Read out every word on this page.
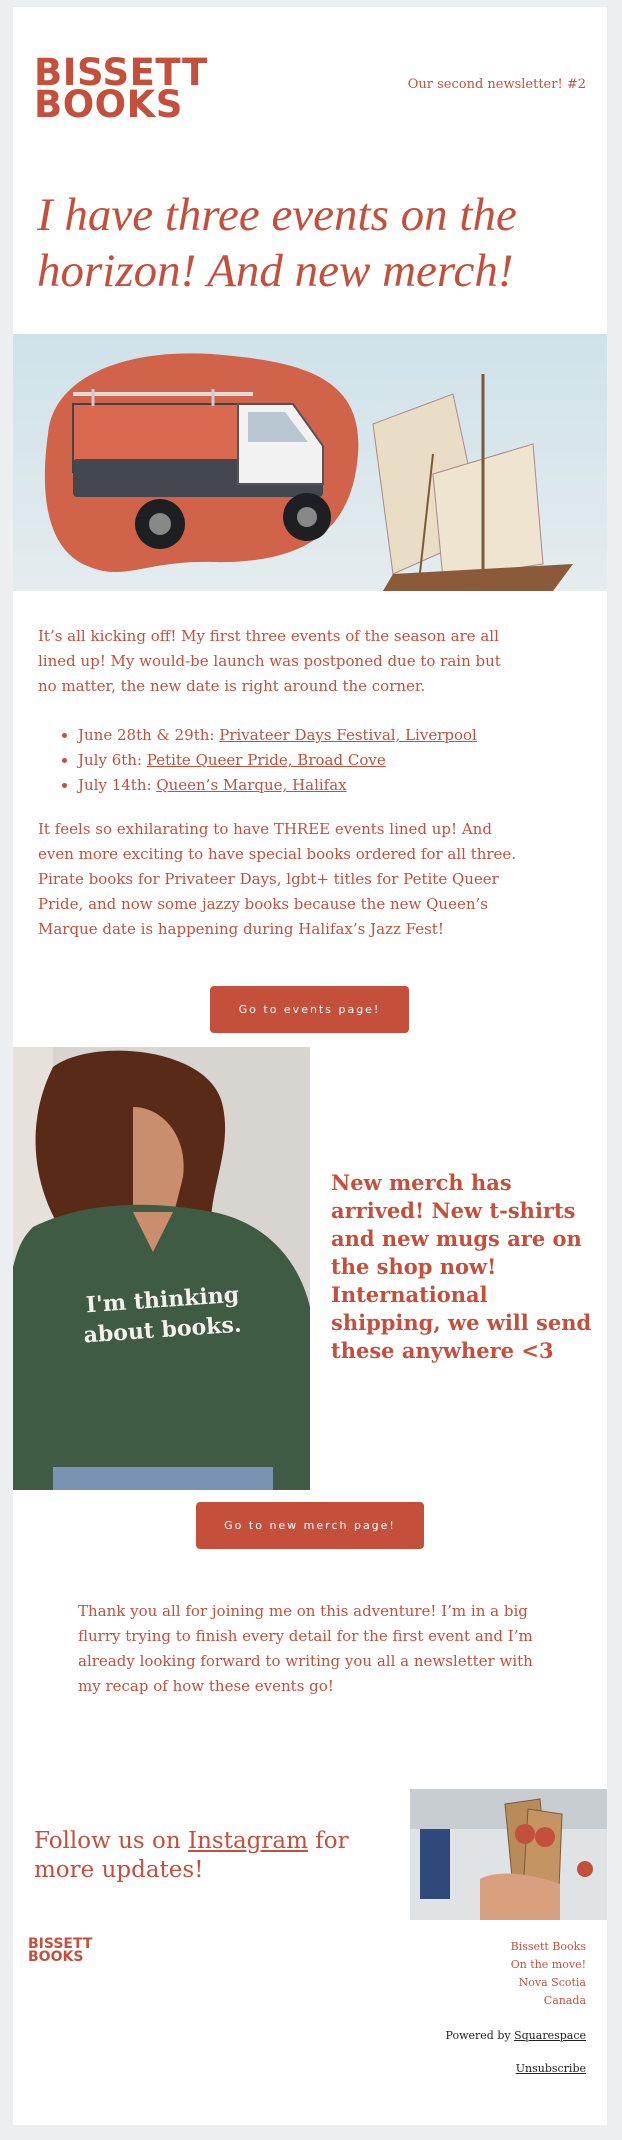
BISSETT
BOOKS	Our second newsletter! #2
I have three events on the horizon! And new merch!

It’s all kicking off! My first three events of the season are all lined up! My would-be launch was postponed due to rain but no matter, the new date is right around the corner.

• June 28th & 29th: Privateer Days Festival, Liverpool
• July 6th: Petite Queer Pride, Broad Cove
• July 14th: Queen’s Marque, Halifax

It feels so exhilarating to have THREE events lined up! And even more exciting to have special books ordered for all three. Pirate books for Privateer Days, lgbt+ titles for Petite Queer Pride, and now some jazzy books because the new Queen’s Marque date is happening during Halifax’s Jazz Fest!

Go to events page!
I'm thinking
about books.

New merch has arrived! New t-shirts and new mugs are on the shop now! International shipping, we will send these anywhere <3

Go to new merch page!

Thank you all for joining me on this adventure! I’m in a big flurry trying to finish every detail for the first event and I’m already looking forward to writing you all a newsletter with my recap of how these events go!

Follow us on Instagram for more updates!

BISSETT
BOOKS
Bissett Books
On the move!
Nova Scotia
Canada
Powered by Squarespace
Unsubscribe
